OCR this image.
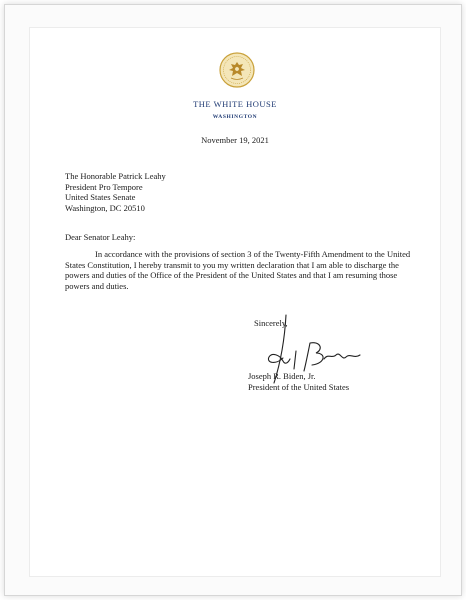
THE WHITE HOUSE
WASHINGTON
November 19, 2021
The Honorable Patrick Leahy
President Pro Tempore
United States Senate
Washington, DC 20510
Dear Senator Leahy:
In accordance with the provisions of section 3 of the Twenty-Fifth Amendment to the United States Constitution, I hereby transmit to you my written declaration that I am able to discharge the powers and duties of the Office of the President of the United States and that I am resuming those powers and duties.
Sincerely,
Joseph R. Biden, Jr.
President of the United States
